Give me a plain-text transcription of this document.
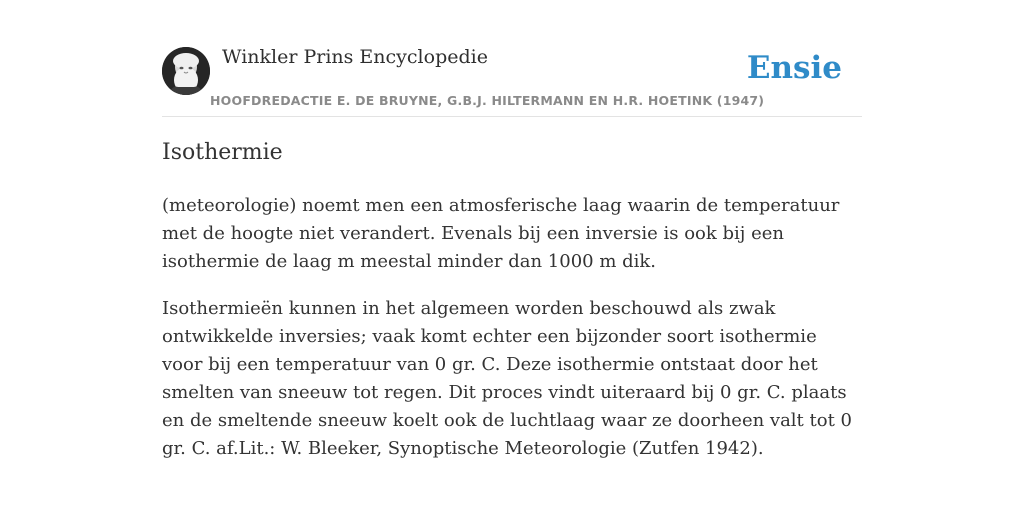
Winkler Prins Encyclopedie
HOOFDREDACTIE E. DE BRUYNE, G.B.J. HILTERMANN EN H.R. HOETINK (1947)
Ensie
Isothermie

(meteorologie) noemt men een atmosferische laag waarin de temperatuur met de hoogte niet verandert. Evenals bij een inversie is ook bij een isothermie de laag m meestal minder dan 1000 m dik.

Isothermieën kunnen in het algemeen worden beschouwd als zwak ontwikkelde inversies; vaak komt echter een bijzonder soort isothermie voor bij een temperatuur van 0 gr. C. Deze isothermie ontstaat door het smelten van sneeuw tot regen. Dit proces vindt uiteraard bij 0 gr. C. plaats en de smeltende sneeuw koelt ook de luchtlaag waar ze doorheen valt tot 0 gr. C. af.Lit.: W. Bleeker, Synoptische Meteorologie (Zutfen 1942).
